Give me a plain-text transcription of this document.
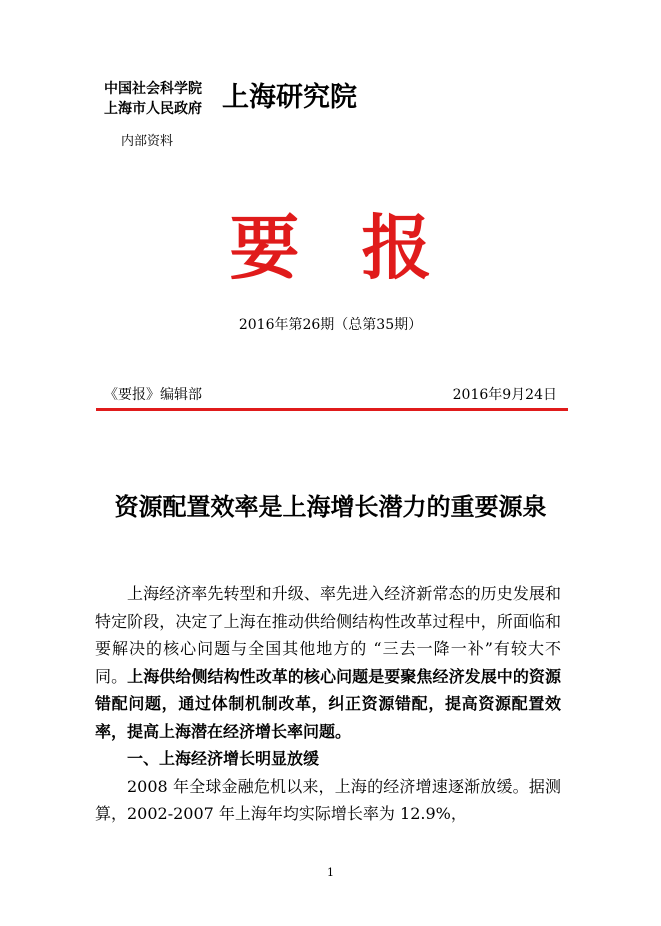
中国社会科学院
上海市人民政府 上海研究院
内部资料
要报
2016年第26期（总第35期）
《要报》编辑部	2016年9月24日
资源配置效率是上海增长潜力的重要源泉

上海经济率先转型和升级、率先进入经济新常态的历史发展和特定阶段，决定了上海在推动供给侧结构性改革过程中，所面临和要解决的核心问题与全国其他地方的 “三去一降一补”有较大不同。上海供给侧结构性改革的核心问题是要聚焦经济发展中的资源错配问题，通过体制机制改革，纠正资源错配，提高资源配置效率，提高上海潜在经济增长率问题。

一、上海经济增长明显放缓

2008 年全球金融危机以来，上海的经济增速逐渐放缓。据测算，2002-2007 年上海年均实际增长率为 12.9%，

1
